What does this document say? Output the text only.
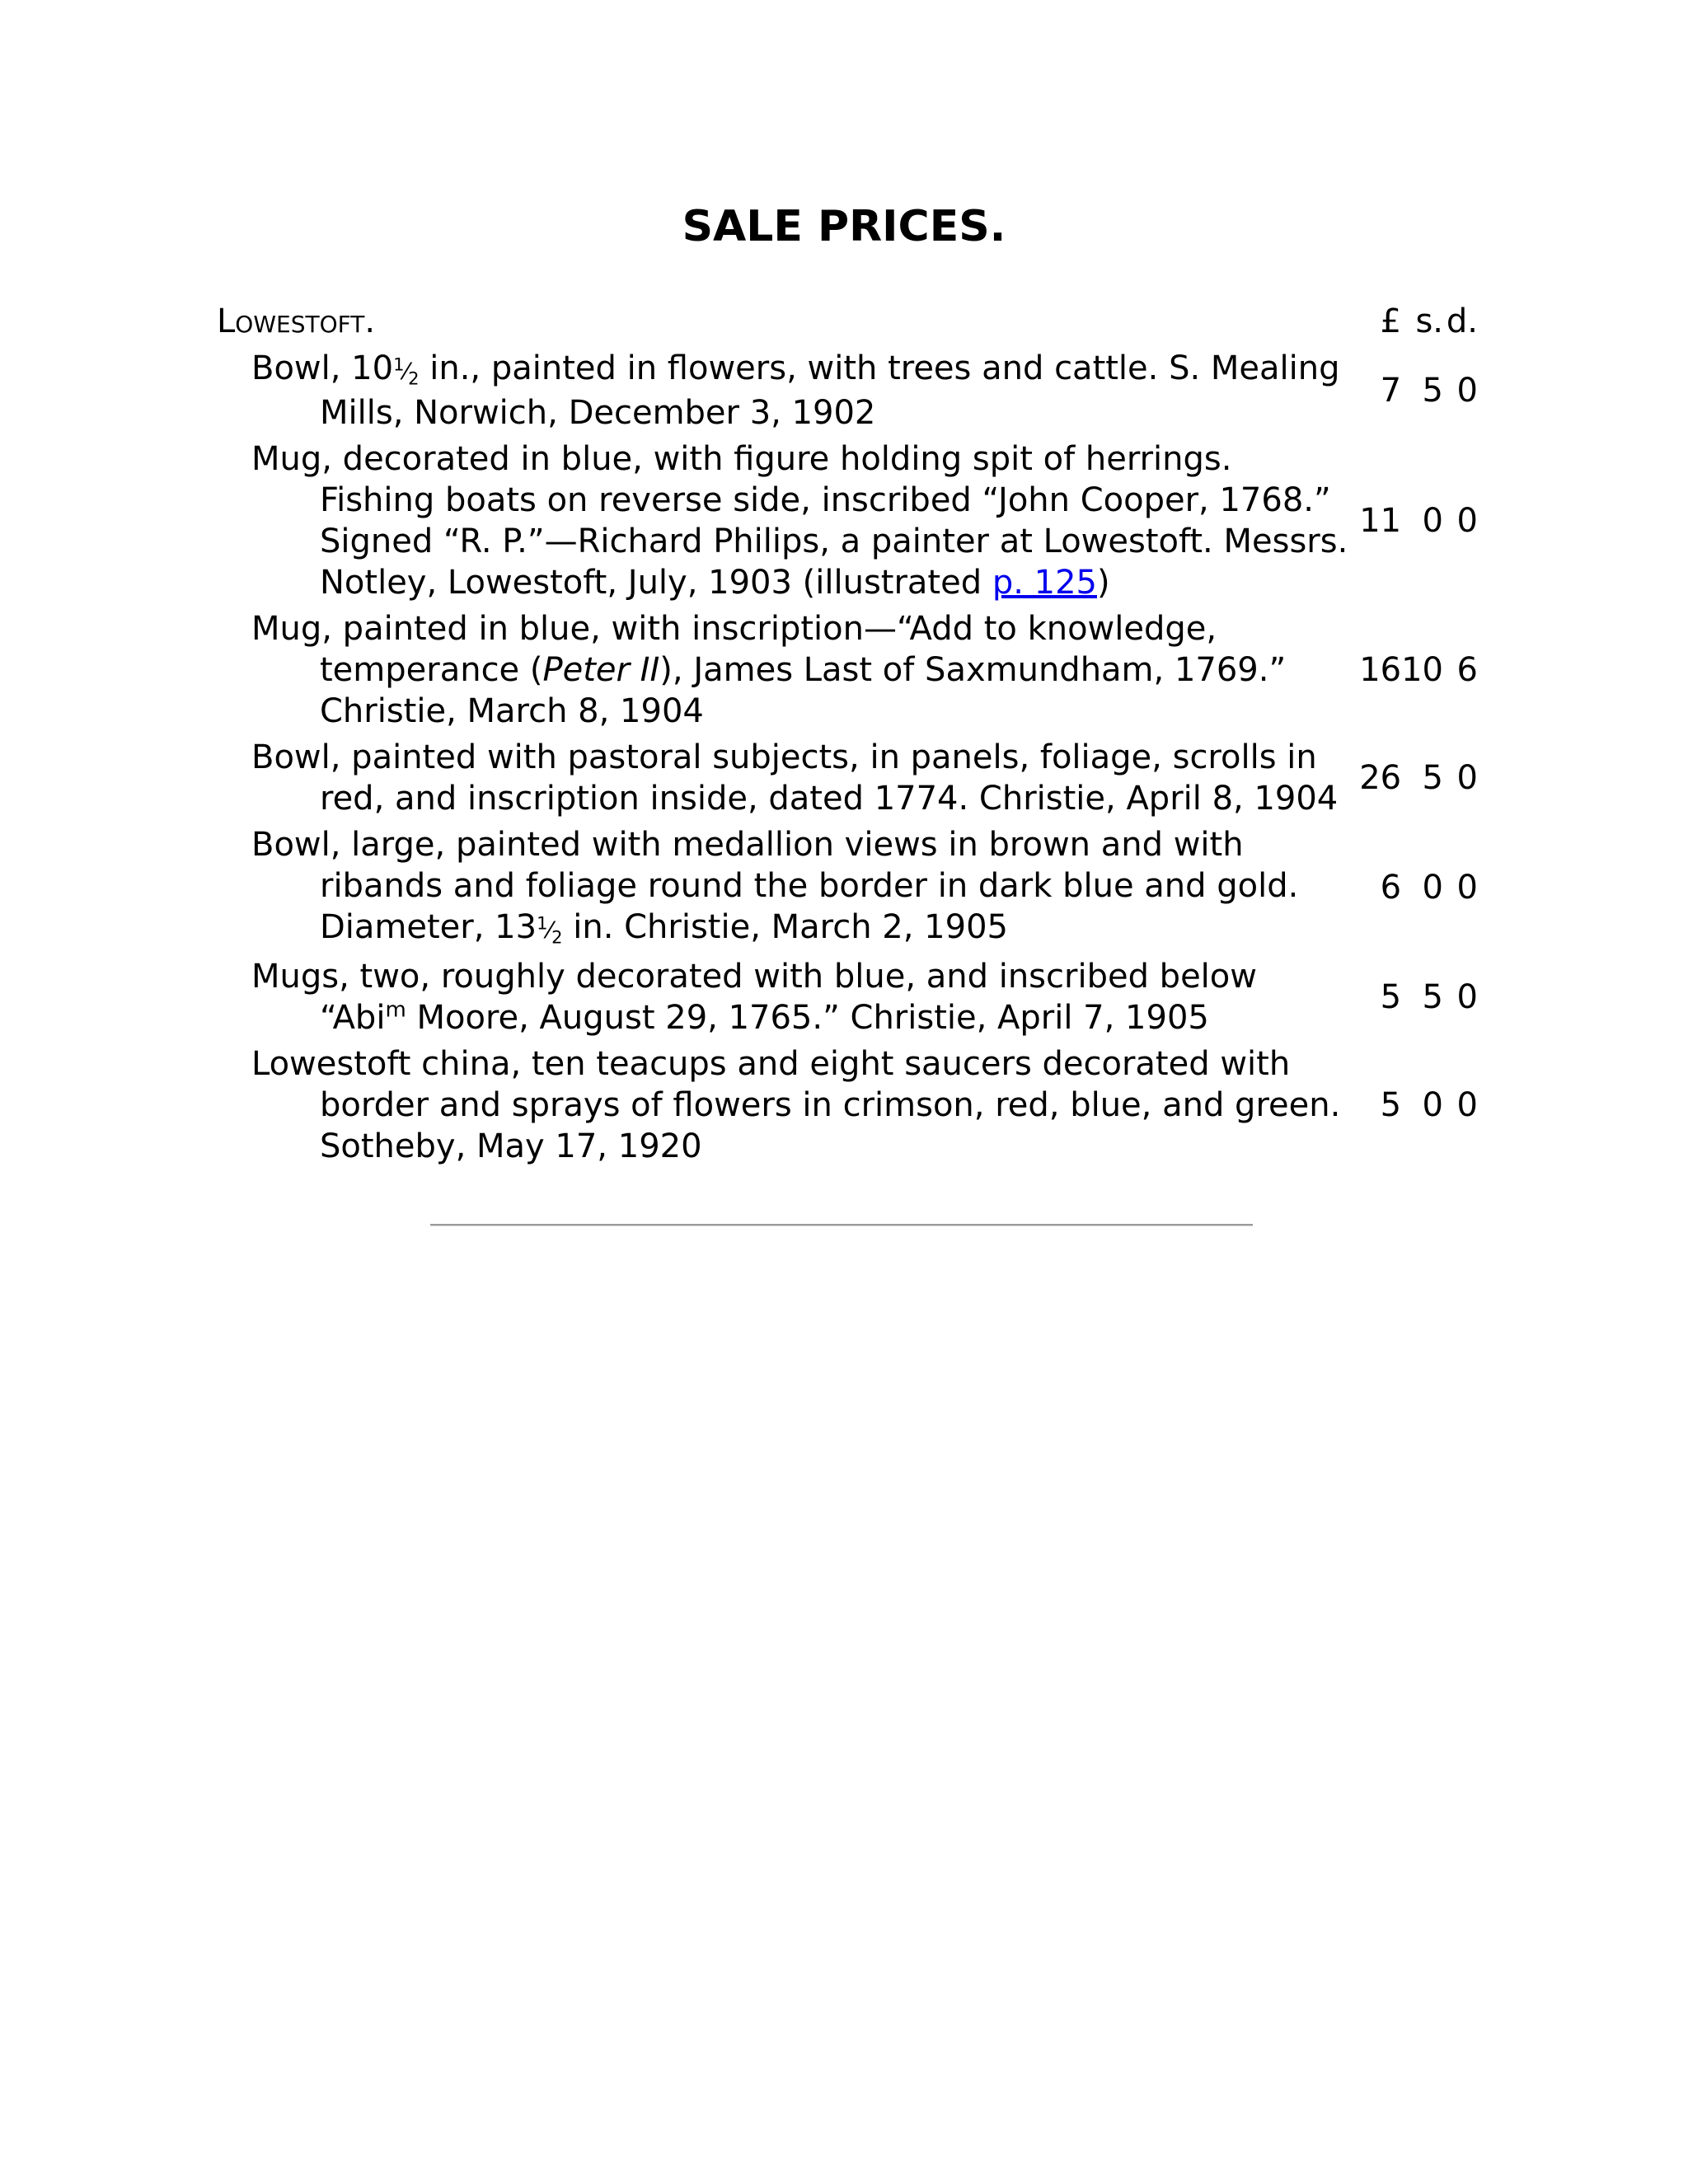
SALE PRICES.
Lowestoft.	£	s.	d.
Bowl, $10^1⁄_2$ in., painted in flowers, with trees and cattle. S. Mealing Mills, Norwich, December 3, 1902	7	5	0
Mug, decorated in blue, with figure holding spit of herrings. Fishing boats on reverse side, inscribed “John Cooper, 1768.” Signed “R. P.”—Richard Philips, a painter at Lowestoft. Messrs. Notley, Lowestoft, July, 1903 (illustrated p. 125)	11	0	0
Mug, painted in blue, with inscription—“Add to knowledge, temperance (Peter II), James Last of Saxmundham, 1769.” Christie, March 8, 1904	16	10	6
Bowl, painted with pastoral subjects, in panels, foliage, scrolls in red, and inscription inside, dated 1774. Christie, April 8, 1904	26	5	0
Bowl, large, painted with medallion views in brown and with ribands and foliage round the border in dark blue and gold. Diameter, $13^1⁄_2$ in. Christie, March 2, 1905	6	0	0
Mugs, two, roughly decorated with blue, and inscribed below “Abi$^m$ Moore, August 29, 1765.” Christie, April 7, 1905	5	5	0
Lowestoft china, ten teacups and eight saucers decorated with border and sprays of flowers in crimson, red, blue, and green. Sotheby, May 17, 1920	5	0	0
